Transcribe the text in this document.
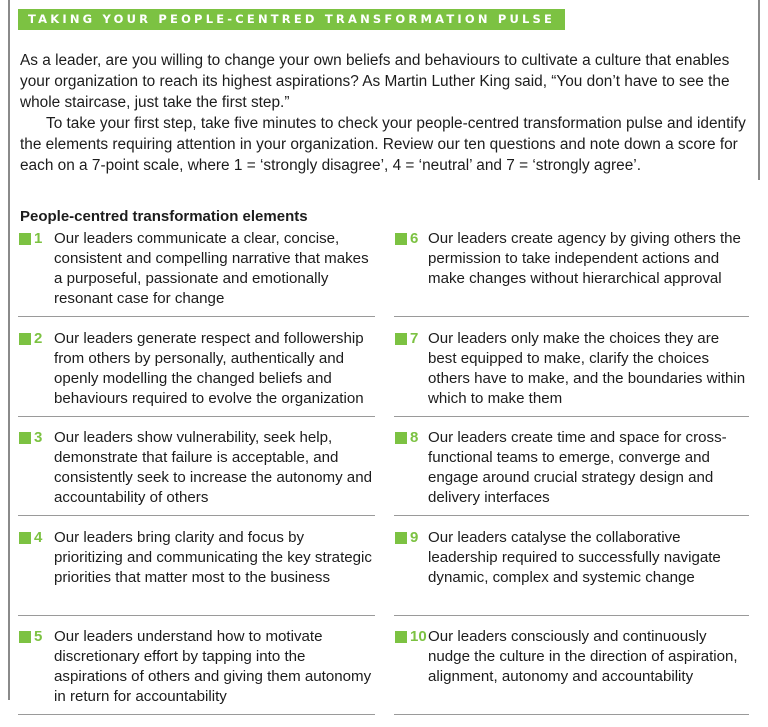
TAKING YOUR PEOPLE-CENTRED TRANSFORMATION PULSE

As a leader, are you willing to change your own beliefs and behaviours to cultivate a culture that enables your organization to reach its highest aspirations? As Martin Luther King said, “You don’t have to see the whole staircase, just take the first step.”

To take your first step, take five minutes to check your people-centred transformation pulse and identify the elements requiring attention in your organization. Review our ten questions and note down a score for each on a 7-point scale, where 1 = ‘strongly disagree’, 4 = ‘neutral’ and 7 = ‘strongly agree’.

People-centred transformation elements
1 Our leaders communicate a clear, concise, consistent and compelling narrative that makes a purposeful, passionate and emotionally resonant case for change
2 Our leaders generate respect and followership from others by personally, authentically and openly modelling the changed beliefs and behaviours required to evolve the organization
3 Our leaders show vulnerability, seek help, demonstrate that failure is acceptable, and consistently seek to increase the autonomy and accountability of others
4 Our leaders bring clarity and focus by prioritizing and communicating the key strategic priorities that matter most to the business
5 Our leaders understand how to motivate discretionary effort by tapping into the aspirations of others and giving them autonomy in return for accountability
6 Our leaders create agency by giving others the permission to take independent actions and make changes without hierarchical approval
7 Our leaders only make the choices they are best equipped to make, clarify the choices others have to make, and the boundaries within which to make them
8 Our leaders create time and space for cross-functional teams to emerge, converge and engage around crucial strategy design and delivery interfaces
9 Our leaders catalyse the collaborative leadership required to successfully navigate dynamic, complex and systemic change
10 Our leaders consciously and continuously nudge the culture in the direction of aspiration, alignment, autonomy and accountability
